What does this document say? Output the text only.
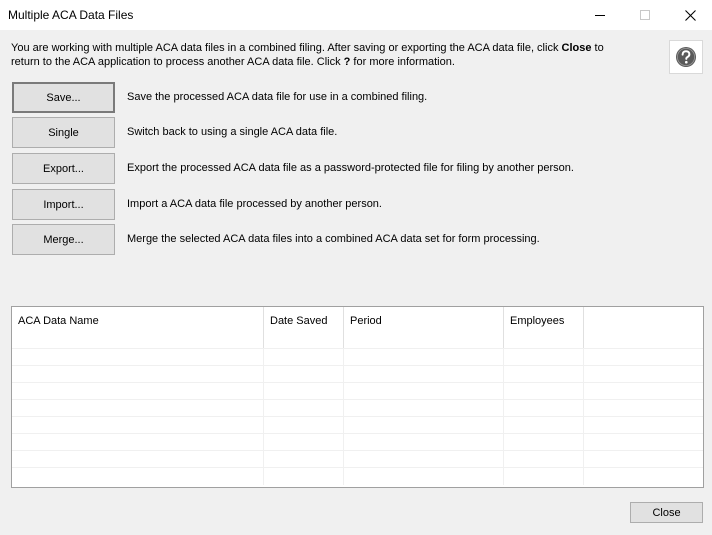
Multiple ACA Data Files
You are working with multiple ACA data files in a combined filing. After saving or exporting the ACA data file, click Close to
return to the ACA application to process another ACA data file. Click ? for more information.
Save...	Save the processed ACA data file for use in a combined filing.
Single	Switch back to using a single ACA data file.
Export...	Export the processed ACA data file as a password-protected file for filing by another person.
Import...	Import a ACA data file processed by another person.
Merge...	Merge the selected ACA data files into a combined ACA data set for form processing.
ACA Data Name	Date Saved	Period	Employees
Close
